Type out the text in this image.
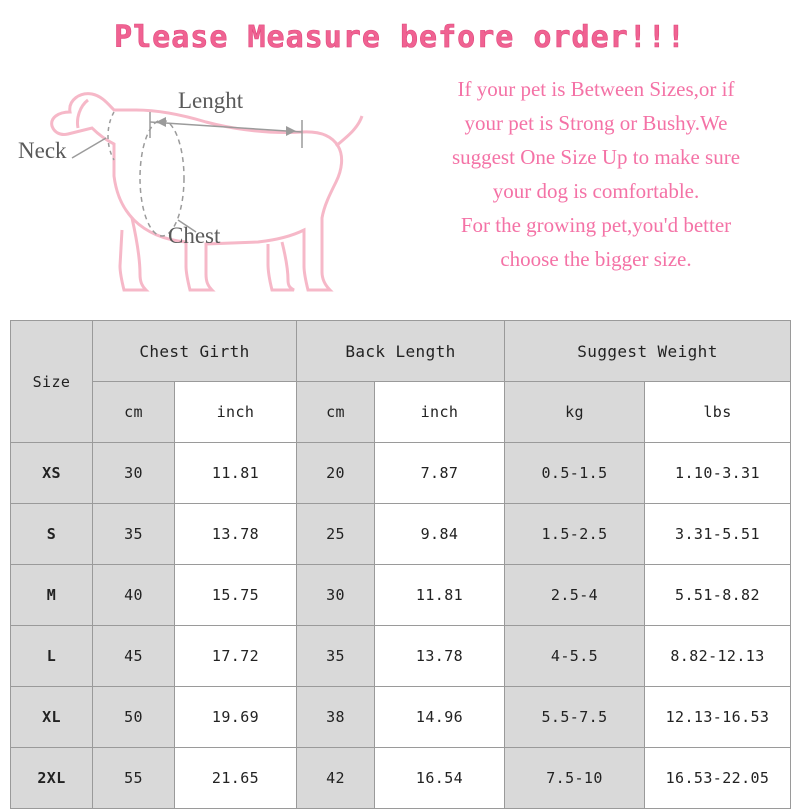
Please Measure before order!!!
Neck
Lenght
Chest
If your pet is Between Sizes,or if
your pet is Strong or Bushy.We
suggest One Size Up to make sure
your dog is comfortable.
For the growing pet,you'd better
choose the bigger size.
Size	Chest Girth		Back Length		Suggest Weight	
	cm	inch	cm	inch	kg	lbs
XS	30	11.81	20	7.87	0.5-1.5	1.10-3.31
S	35	13.78	25	9.84	1.5-2.5	3.31-5.51
M	40	15.75	30	11.81	2.5-4	5.51-8.82
L	45	17.72	35	13.78	4-5.5	8.82-12.13
XL	50	19.69	38	14.96	5.5-7.5	12.13-16.53
2XL	55	21.65	42	16.54	7.5-10	16.53-22.05
